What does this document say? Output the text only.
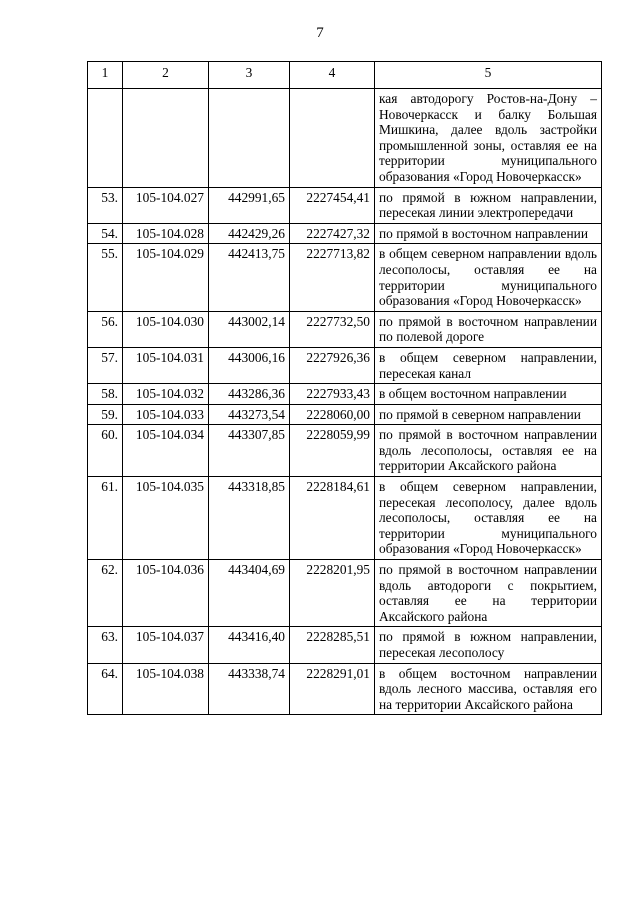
7
1	2	3	4	5
				кая автодорогу Ростов-на-Дону – Новочеркасск и балку Большая Мишкина, далее вдоль застройки промышленной зоны, оставляя ее на территории муниципального образования «Город Новочеркасск»
53.	105-104.027	442991,65	2227454,41	по прямой в южном направлении, пересекая линии электропередачи
54.	105-104.028	442429,26	2227427,32	по прямой в восточном направлении
55.	105-104.029	442413,75	2227713,82	в общем северном направлении вдоль лесополосы, оставляя ее на территории муниципального образования «Город Новочеркасск»
56.	105-104.030	443002,14	2227732,50	по прямой в восточном направлении по полевой дороге
57.	105-104.031	443006,16	2227926,36	в общем северном направлении, пересекая канал
58.	105-104.032	443286,36	2227933,43	в общем восточном направлении
59.	105-104.033	443273,54	2228060,00	по прямой в северном направлении
60.	105-104.034	443307,85	2228059,99	по прямой в восточном направлении вдоль лесополосы, оставляя ее на территории Аксайского района
61.	105-104.035	443318,85	2228184,61	в общем северном направлении, пересекая лесополосу, далее вдоль лесополосы, оставляя ее на территории муниципального образования «Город Новочеркасск»
62.	105-104.036	443404,69	2228201,95	по прямой в восточном направлении вдоль автодороги с покрытием, оставляя ее на территории Аксайского района
63.	105-104.037	443416,40	2228285,51	по прямой в южном направлении, пересекая лесополосу
64.	105-104.038	443338,74	2228291,01	в общем восточном направлении вдоль лесного массива, оставляя его на территории Аксайского района
